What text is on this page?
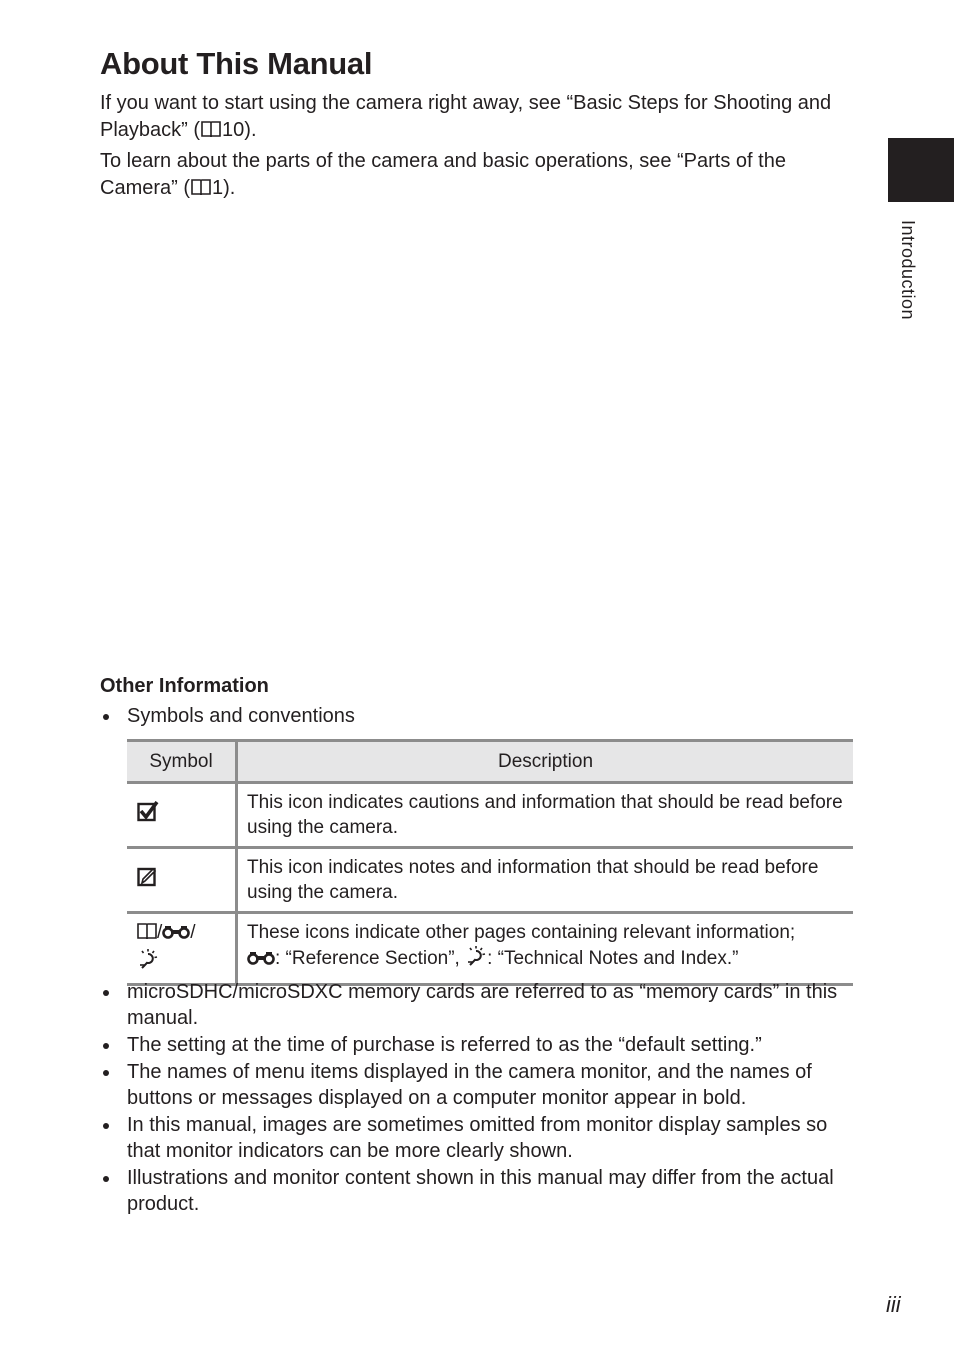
About This Manual
If you want to start using the camera right away, see “Basic Steps for Shooting and Playback” ( 10).
To learn about the parts of the camera and basic operations, see “Parts of the Camera” ( 1).
Introduction
Other Information
Symbols and conventions
Symbol	Description
	This icon indicates cautions and information that should be read before using the camera.
	This icon indicates notes and information that should be read before using the camera.
/ /	These icons indicate other pages containing relevant information;
: “Reference Section”, : “Technical Notes and Index.”
microSDHC/microSDXC memory cards are referred to as “memory cards” in this manual.
The setting at the time of purchase is referred to as the “default setting.”
The names of menu items displayed in the camera monitor, and the names of buttons or messages displayed on a computer monitor appear in bold.
In this manual, images are sometimes omitted from monitor display samples so that monitor indicators can be more clearly shown.
Illustrations and monitor content shown in this manual may differ from the actual product.
iii
